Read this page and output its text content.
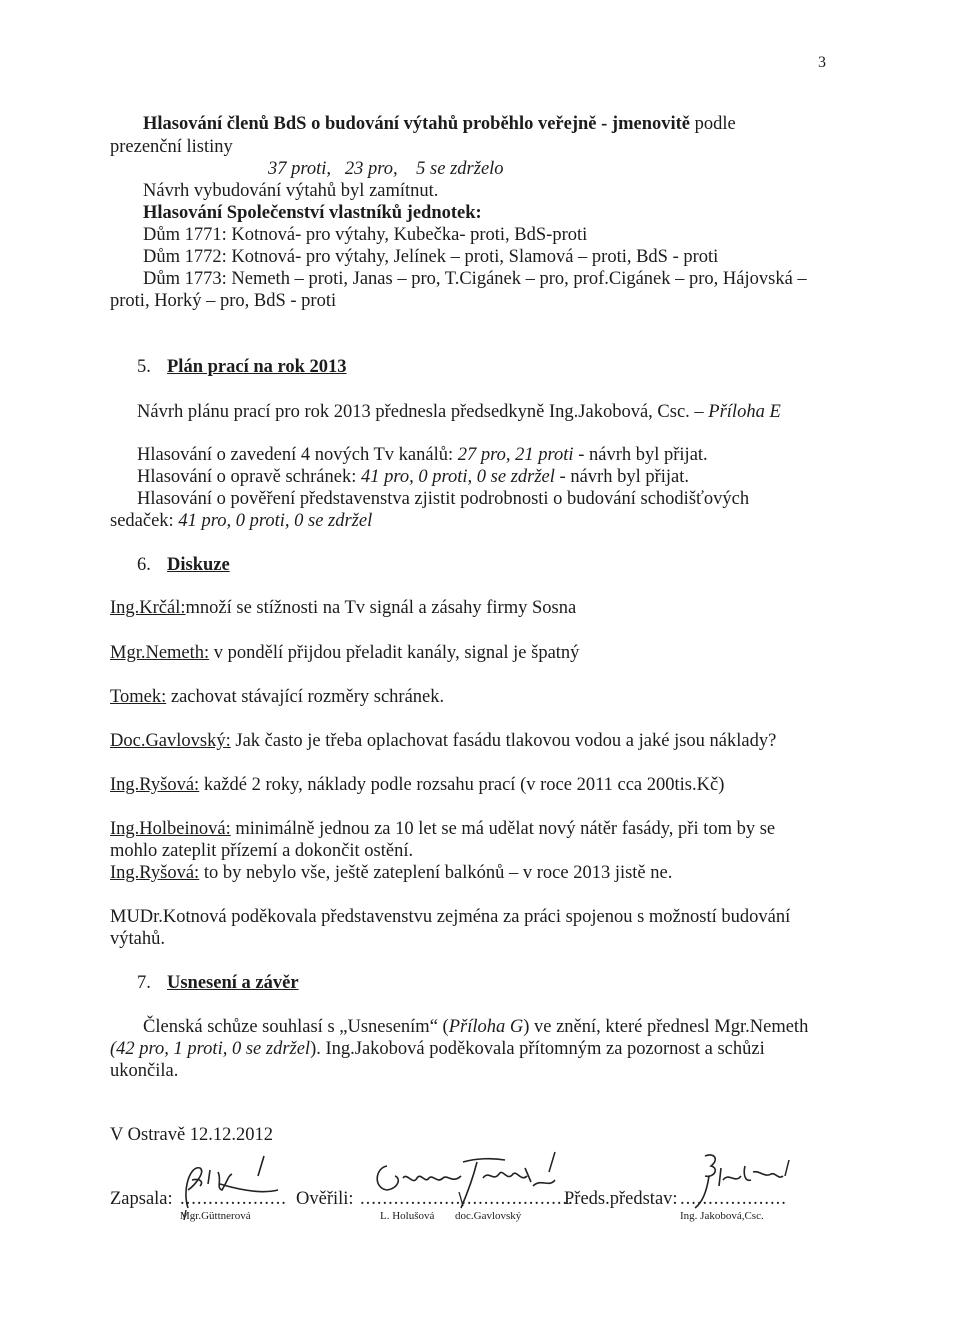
3
Hlasování členů BdS o budování výtahů proběhlo veřejně - jmenovitě podle
prezenční listiny
37 proti,   23 pro,    5 se zdrželo
Návrh vybudování výtahů byl zamítnut.
Hlasování Společenství vlastníků jednotek:
Dům 1771: Kotnová- pro výtahy, Kubečka- proti, BdS-proti
Dům 1772: Kotnová- pro výtahy, Jelínek – proti, Slamová – proti, BdS - proti
Dům 1773: Nemeth – proti, Janas – pro, T.Cigánek – pro, prof.Cigánek – pro, Hájovská –
proti, Horký – pro, BdS - proti
5. Plán prací na rok 2013
Návrh plánu prací pro rok 2013 přednesla předsedkyně Ing.Jakobová, Csc. – Příloha E
Hlasování o zavedení 4 nových Tv kanálů: 27 pro, 21 proti - návrh byl přijat.
Hlasování o opravě schránek: 41 pro, 0 proti, 0 se zdržel - návrh byl přijat.
Hlasování o pověření představenstva zjistit podrobnosti o budování schodišťových
sedaček: 41 pro, 0 proti, 0 se zdržel
6. Diskuze
Ing.Krčál:množí se stížnosti na Tv signál a zásahy firmy Sosna
Mgr.Nemeth: v pondělí přijdou přeladit kanály, signal je špatný
Tomek: zachovat stávající rozměry schránek.
Doc.Gavlovský: Jak často je třeba oplachovat fasádu tlakovou vodou a jaké jsou náklady?
Ing.Ryšová: každé 2 roky, náklady podle rozsahu prací (v roce 2011 cca 200tis.Kč)
Ing.Holbeinová: minimálně jednou za 10 let se má udělat nový nátěr fasády, při tom by se
mohlo zateplit přízemí a dokončit ostění.
Ing.Ryšová: to by nebylo vše, ještě zateplení balkónů – v roce 2013 jistě ne.
MUDr.Kotnová poděkovala představenstvu zejména za práci spojenou s možností budování
výtahů.
7. Usnesení a závěr
Členská schůze souhlasí s „Usnesením“ (Příloha G) ve znění, které přednesl Mgr.Nemeth
(42 pro, 1 proti, 0 se zdržel). Ing.Jakobová poděkovala přítomným za pozornost a schůzi
ukončila.
V Ostravě 12.12.2012
Zapsala: ................... Ověřili: ......................................
Předs.představ: ...................
Mgr.Güttnerová	L. Holušová doc.Gavlovský	Ing. Jakobová,Csc.
